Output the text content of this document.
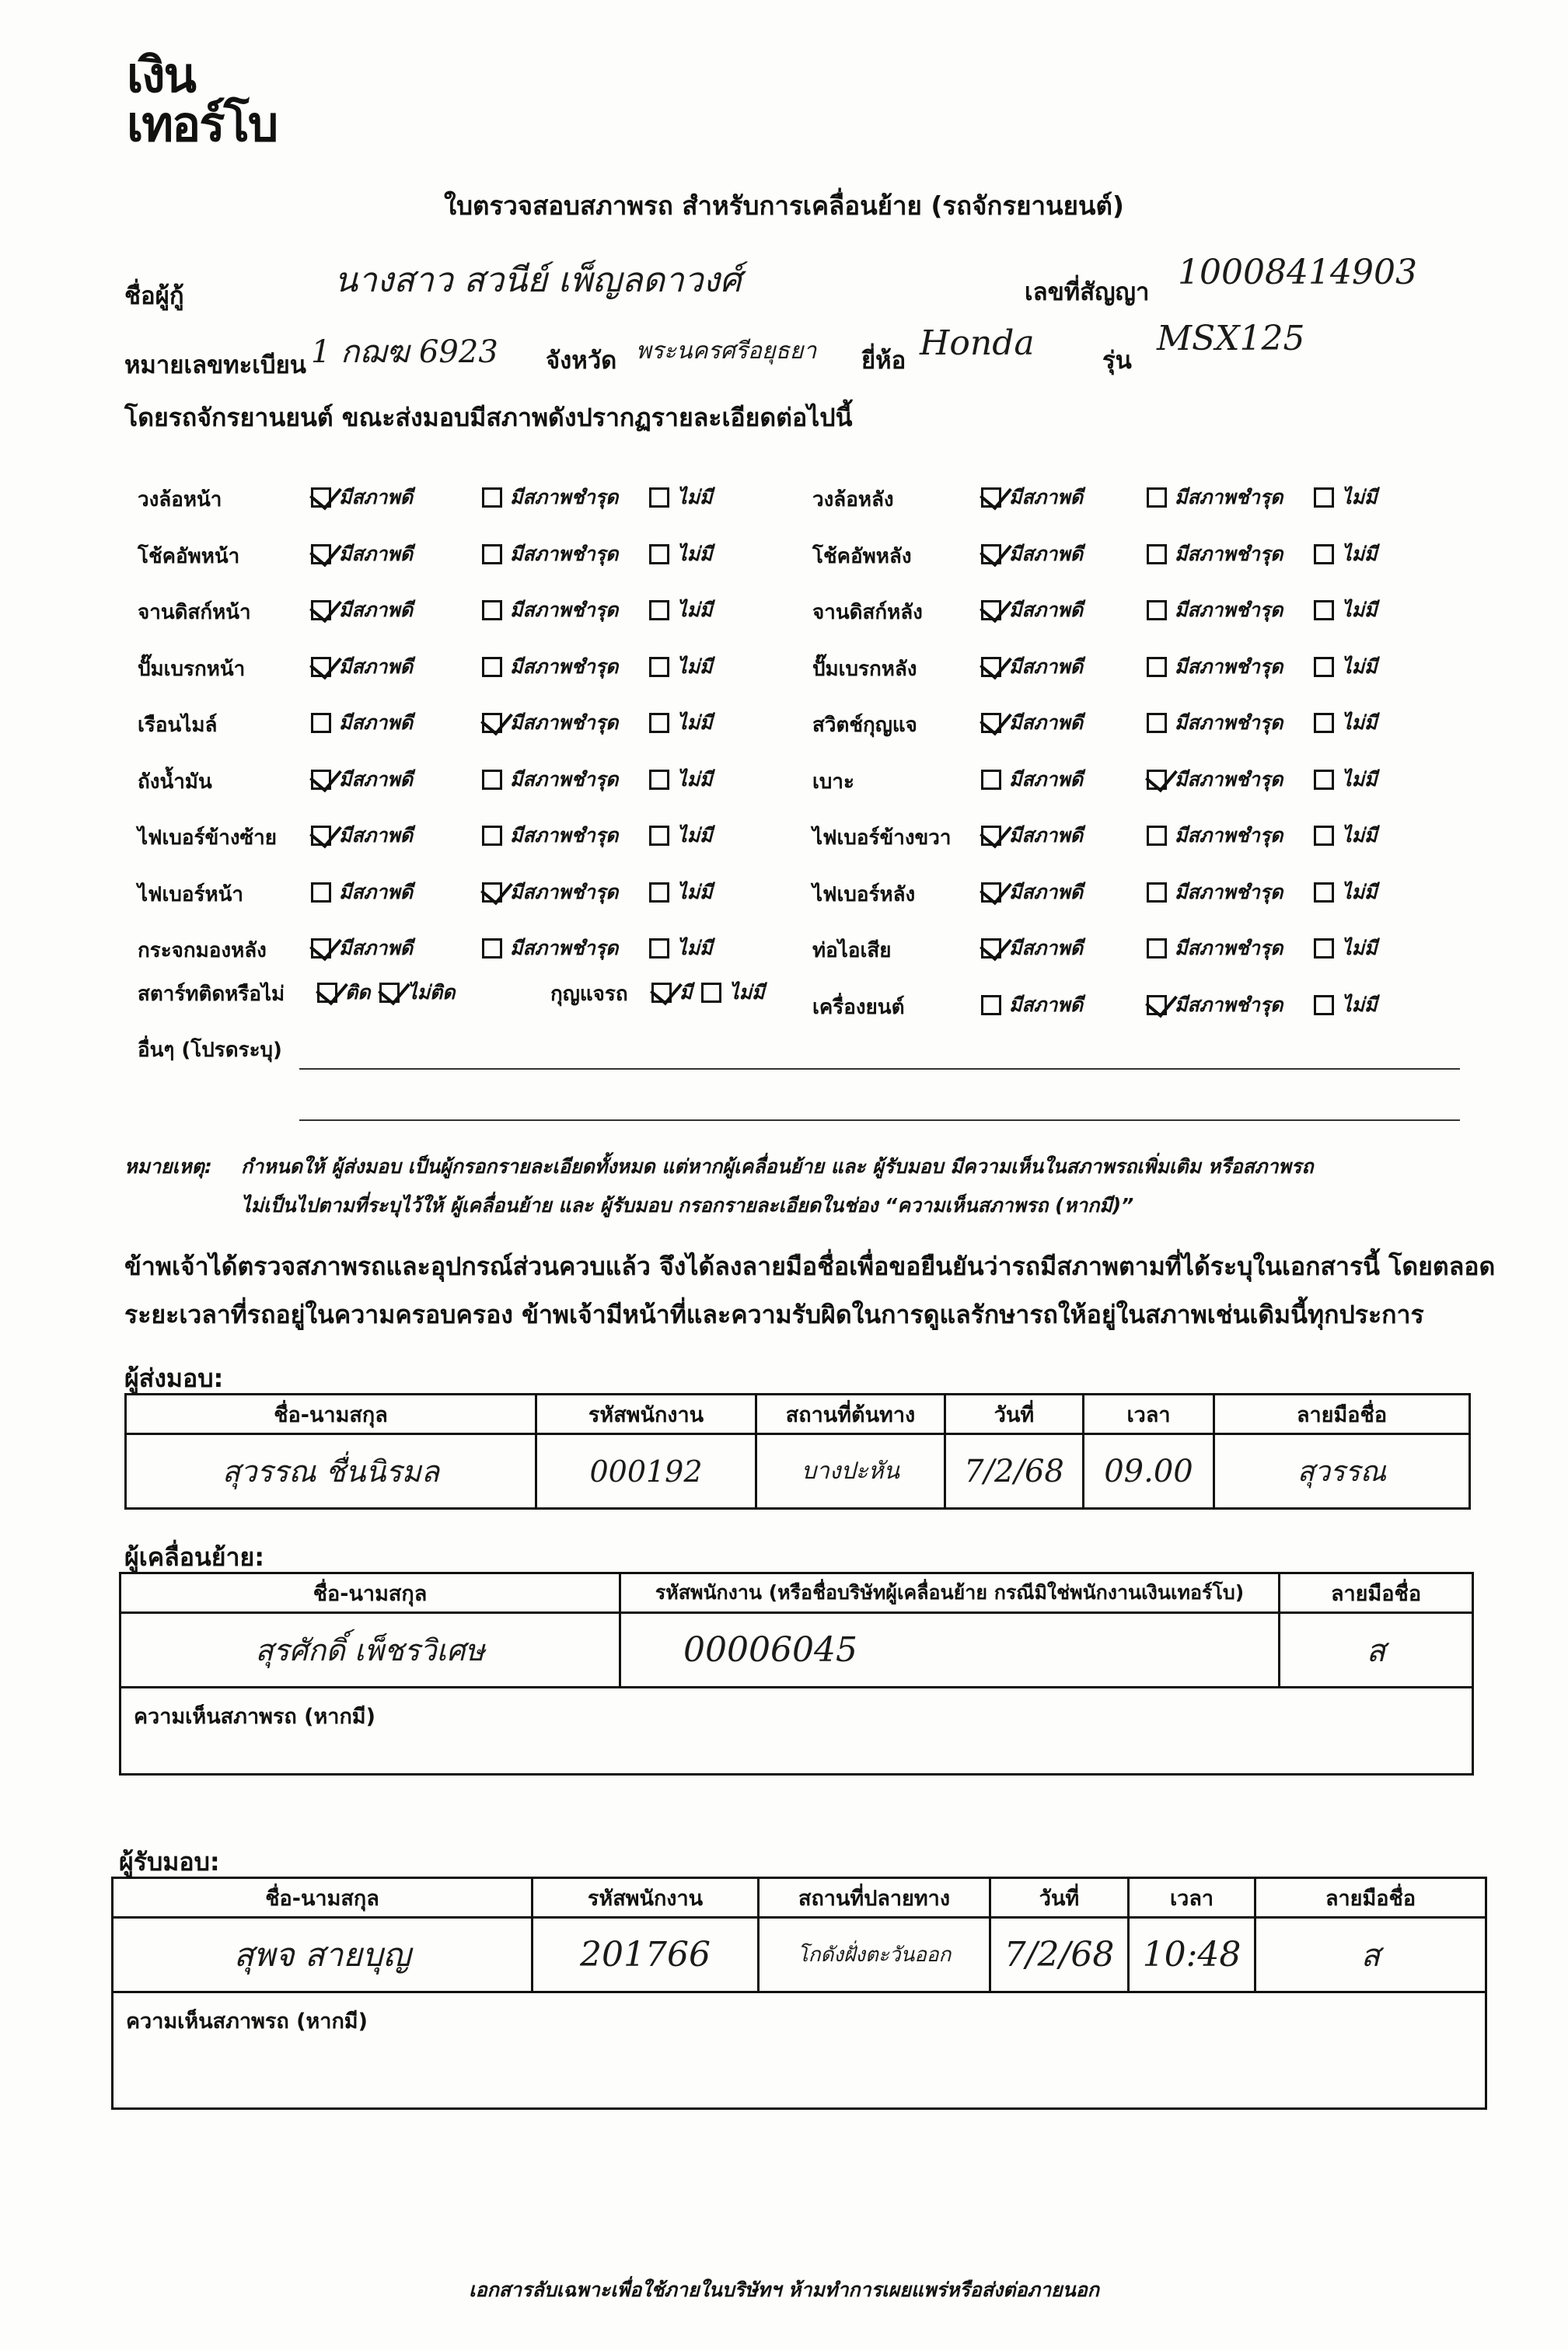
เงิน
เทอร์โบ
ใบตรวจสอบสภาพรถ สำหรับการเคลื่อนย้าย (รถจักรยานยนต์)
ชื่อผู้กู้	นางสาว สวนีย์ เพ็ญลดาวงศ์	เลขที่สัญญา 10008414903
หมายเลขทะเบียน 1 กฌฆ 6923 จังหวัด พระนครศรีอยุธยา ยี่ห้อ Honda	รุ่น
MSX125
โดยรถจักรยานยนต์ ขณะส่งมอบมีสภาพดังปรากฏรายละเอียดต่อไปนี้
วงล้อหน้า	มีสภาพดี	มีสภาพชำรุด	ไม่มี
โช้คอัพหน้า	มีสภาพดี	มีสภาพชำรุด	ไม่มี
จานดิสก์หน้า	มีสภาพดี	มีสภาพชำรุด	ไม่มี
ปั๊มเบรกหน้า	มีสภาพดี	มีสภาพชำรุด	ไม่มี
เรือนไมล์	มีสภาพดี	มีสภาพชำรุด	ไม่มี
ถังน้ำมัน	มีสภาพดี	มีสภาพชำรุด	ไม่มี
ไฟเบอร์ข้างซ้าย	มีสภาพดี	มีสภาพชำรุด	ไม่มี
ไฟเบอร์หน้า	มีสภาพดี	มีสภาพชำรุด	ไม่มี
กระจกมองหลัง	มีสภาพดี	มีสภาพชำรุด	ไม่มี
วงล้อหลัง	มีสภาพดี	มีสภาพชำรุด	ไม่มี
โช้คอัพหลัง	มีสภาพดี	มีสภาพชำรุด	ไม่มี
จานดิสก์หลัง	มีสภาพดี	มีสภาพชำรุด	ไม่มี
ปั๊มเบรกหลัง	มีสภาพดี	มีสภาพชำรุด	ไม่มี
สวิตช์กุญแจ	มีสภาพดี	มีสภาพชำรุด	ไม่มี
เบาะ	มีสภาพดี	มีสภาพชำรุด	ไม่มี
ไฟเบอร์ข้างขวา	มีสภาพดี	มีสภาพชำรุด	ไม่มี
ไฟเบอร์หลัง	มีสภาพดี	มีสภาพชำรุด	ไม่มี
ท่อไอเสีย	มีสภาพดี	มีสภาพชำรุด	ไม่มี
เครื่องยนต์	มีสภาพดี	มีสภาพชำรุด	ไม่มี
สตาร์ทติดหรือไม่	ติด ไม่ติด	กุญแจรถ	มี ไม่มี
อื่นๆ (โปรดระบุ)
หมายเหตุ:	กำหนดให้ ผู้ส่งมอบ เป็นผู้กรอกรายละเอียดทั้งหมด แต่หากผู้เคลื่อนย้าย และ ผู้รับมอบ มีความเห็นในสภาพรถเพิ่มเติม หรือสภาพรถ
ไม่เป็นไปตามที่ระบุไว้ให้ ผู้เคลื่อนย้าย และ ผู้รับมอบ กรอกรายละเอียดในช่อง “ความเห็นสภาพรถ (หากมี)”
ข้าพเจ้าได้ตรวจสภาพรถและอุปกรณ์ส่วนควบแล้ว จึงได้ลงลายมือชื่อเพื่อขอยืนยันว่ารถมีสภาพตามที่ได้ระบุในเอกสารนี้ โดยตลอด
ระยะเวลาที่รถอยู่ในความครอบครอง ข้าพเจ้ามีหน้าที่และความรับผิดในการดูแลรักษารถให้อยู่ในสภาพเช่นเดิมนี้ทุกประการ
ผู้ส่งมอบ:
ชื่อ-นามสกุล	รหัสพนักงาน	สถานที่ต้นทาง	วันที่	เวลา	ลายมือชื่อ
สุวรรณ ชื่นนิรมล	000192	บางปะหัน	7/2/68	09.00	สุวรรณ
ผู้เคลื่อนย้าย:
ชื่อ-นามสกุล	รหัสพนักงาน (หรือชื่อบริษัทผู้เคลื่อนย้าย กรณีมิใช่พนักงานเงินเทอร์โบ)	ลายมือชื่อ
สุรศักดิ์ เพ็ชรวิเศษ	00006045	ส
ความเห็นสภาพรถ (หากมี)		
ผู้รับมอบ:
ชื่อ-นามสกุล	รหัสพนักงาน	สถานที่ปลายทาง	วันที่	เวลา	ลายมือชื่อ
สุพจ สายบุญ	201766	โกดังฝั่งตะวันออก	7/2/68	10:48	ส
ความเห็นสภาพรถ (หากมี)					
เอกสารลับเฉพาะเพื่อใช้ภายในบริษัทฯ ห้ามทำการเผยแพร่หรือส่งต่อภายนอก
